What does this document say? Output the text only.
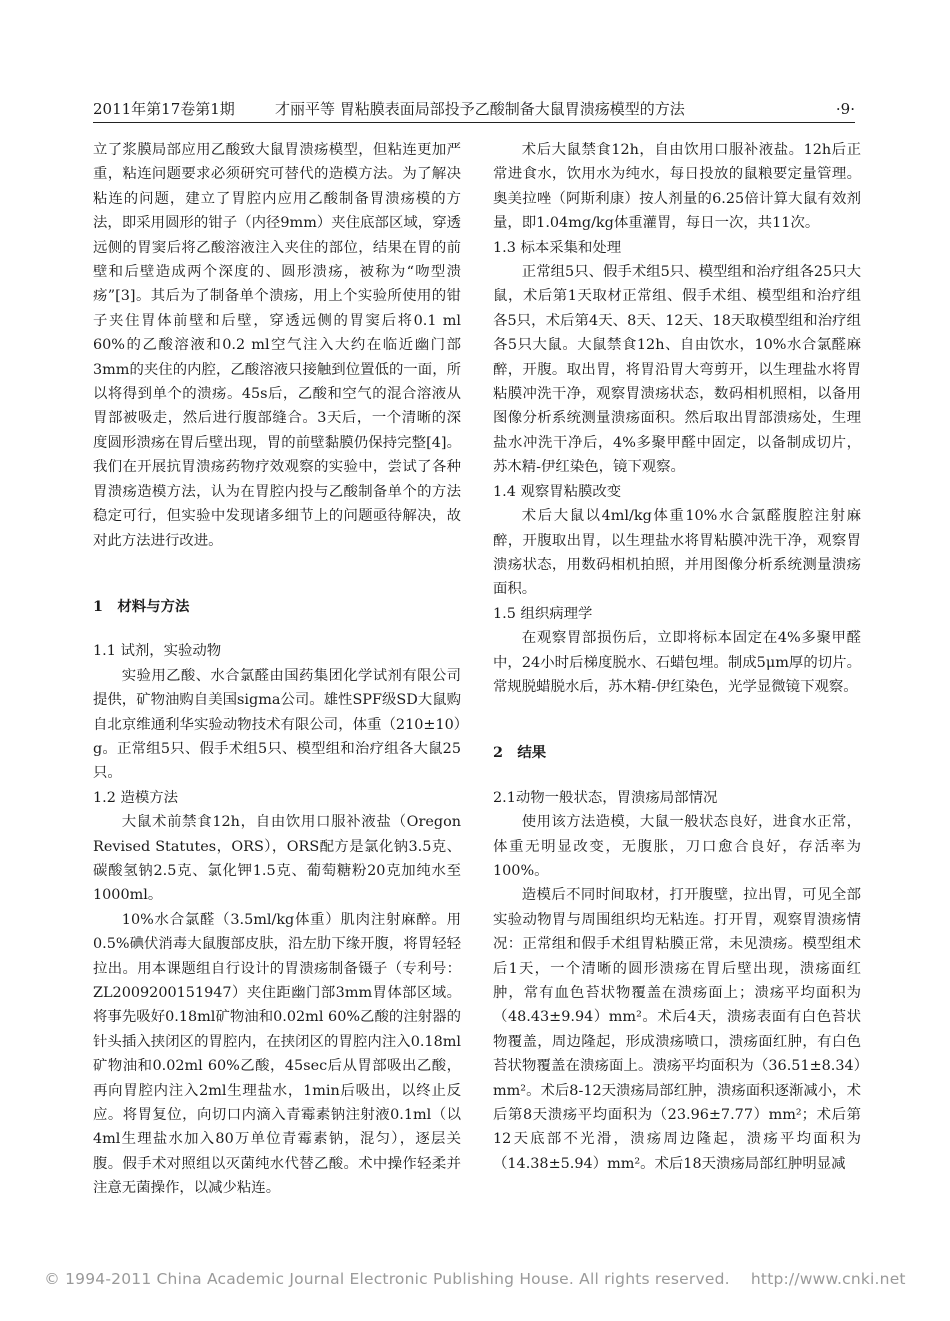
2011年第17卷第1期	才丽平等 胃粘膜表面局部投予乙酸制备大鼠胃溃疡模型的方法	·9·

立了浆膜局部应用乙酸致大鼠胃溃疡模型，但粘连更加严重，粘连问题要求必须研究可替代的造模方法。为了解决粘连的问题，建立了胃腔内应用乙酸制备胃溃疡模的方法，即采用圆形的钳子（内径9mm）夹住底部区域，穿透远侧的胃窦后将乙酸溶液注入夹住的部位，结果在胃的前壁和后壁造成两个深度的、圆形溃疡，被称为“吻型溃疡”[3]。其后为了制备单个溃疡，用上个实验所使用的钳子夹住胃体前壁和后壁，穿透远侧的胃窦后将0.1 ml 60%的乙酸溶液和0.2 ml空气注入大约在临近幽门部3mm的夹住的内腔，乙酸溶液只接触到位置低的一面，所以将得到单个的溃疡。45s后，乙酸和空气的混合溶液从胃部被吸走，然后进行腹部缝合。3天后，一个清晰的深度圆形溃疡在胃后壁出现，胃的前壁黏膜仍保持完整[4]。我们在开展抗胃溃疡药物疗效观察的实验中，尝试了各种胃溃疡造模方法，认为在胃腔内投与乙酸制备单个的方法稳定可行，但实验中发现诸多细节上的问题亟待解决，故对此方法进行改进。

1　材料与方法
1.1 试剂，实验动物

实验用乙酸、水合氯醛由国药集团化学试剂有限公司提供，矿物油购自美国sigma公司。雄性SPF级SD大鼠购自北京维通利华实验动物技术有限公司，体重（210±10）g。正常组5只、假手术组5只、模型组和治疗组各大鼠25只。

1.2 造模方法

大鼠术前禁食12h，自由饮用口服补液盐（Oregon Revised Statutes，ORS），ORS配方是氯化钠3.5克、碳酸氢钠2.5克、氯化钾1.5克、葡萄糖粉20克加纯水至1000ml。

10%水合氯醛（3.5ml/kg体重）肌肉注射麻醉。用0.5%碘伏消毒大鼠腹部皮肤，沿左肋下缘开腹，将胃轻轻拉出。用本课题组自行设计的胃溃疡制备镊子（专利号：ZL2009200151947）夹住距幽门部3mm胃体部区域。将事先吸好0.18ml矿物油和0.02ml 60%乙酸的注射器的针头插入挟闭区的胃腔内，在挟闭区的胃腔内注入0.18ml矿物油和0.02ml 60%乙酸，45sec后从胃部吸出乙酸，再向胃腔内注入2ml生理盐水，1min后吸出，以终止反应。将胃复位，向切口内滴入青霉素钠注射液0.1ml（以4ml生理盐水加入80万单位青霉素钠，混匀），逐层关腹。假手术对照组以灭菌纯水代替乙酸。术中操作轻柔并注意无菌操作，以减少粘连。

术后大鼠禁食12h，自由饮用口服补液盐。12h后正常进食水，饮用水为纯水，每日投放的鼠粮要定量管理。奥美拉唑（阿斯利康）按人剂量的6.25倍计算大鼠有效剂量，即1.04mg/kg体重灌胃，每日一次，共11次。

1.3 标本采集和处理

正常组5只、假手术组5只、模型组和治疗组各25只大鼠，术后第1天取材正常组、假手术组、模型组和治疗组各5只，术后第4天、8天、12天、18天取模型组和治疗组各5只大鼠。大鼠禁食12h、自由饮水，10%水合氯醛麻醉，开腹。取出胃，将胃沿胃大弯剪开，以生理盐水将胃粘膜冲洗干净，观察胃溃疡状态，数码相机照相，以备用图像分析系统测量溃疡面积。然后取出胃部溃疡处，生理盐水冲洗干净后，4%多聚甲醛中固定，以备制成切片，苏木精-伊红染色，镜下观察。

1.4 观察胃粘膜改变

术后大鼠以4ml/kg体重10%水合氯醛腹腔注射麻醉，开腹取出胃，以生理盐水将胃粘膜冲洗干净，观察胃溃疡状态，用数码相机拍照，并用图像分析系统测量溃疡面积。

1.5 组织病理学

在观察胃部损伤后，立即将标本固定在4%多聚甲醛中，24小时后梯度脱水、石蜡包埋。制成5μm厚的切片。常规脱蜡脱水后，苏木精-伊红染色，光学显微镜下观察。

2　结果
2.1动物一般状态，胃溃疡局部情况

使用该方法造模，大鼠一般状态良好，进食水正常，体重无明显改变，无腹胀，刀口愈合良好，存活率为100%。

造模后不同时间取材，打开腹壁，拉出胃，可见全部实验动物胃与周围组织均无粘连。打开胃，观察胃溃疡情况：正常组和假手术组胃粘膜正常，未见溃疡。模型组术后1天，一个清晰的圆形溃疡在胃后壁出现，溃疡面红肿，常有血色苔状物覆盖在溃疡面上；溃疡平均面积为（48.43±9.94）mm²。术后4天，溃疡表面有白色苔状物覆盖，周边隆起，形成溃疡喷口，溃疡面红肿，有白色苔状物覆盖在溃疡面上。溃疡平均面积为（36.51±8.34）mm²。术后8-12天溃疡局部红肿，溃疡面积逐渐减小，术后第8天溃疡平均面积为（23.96±7.77）mm²；术后第12天底部不光滑，溃疡周边隆起，溃疡平均面积为（14.38±5.94）mm²。术后18天溃疡局部红肿明显减

© 1994-2011 China Academic Journal Electronic Publishing House. All rights reserved. http://www.cnki.net
